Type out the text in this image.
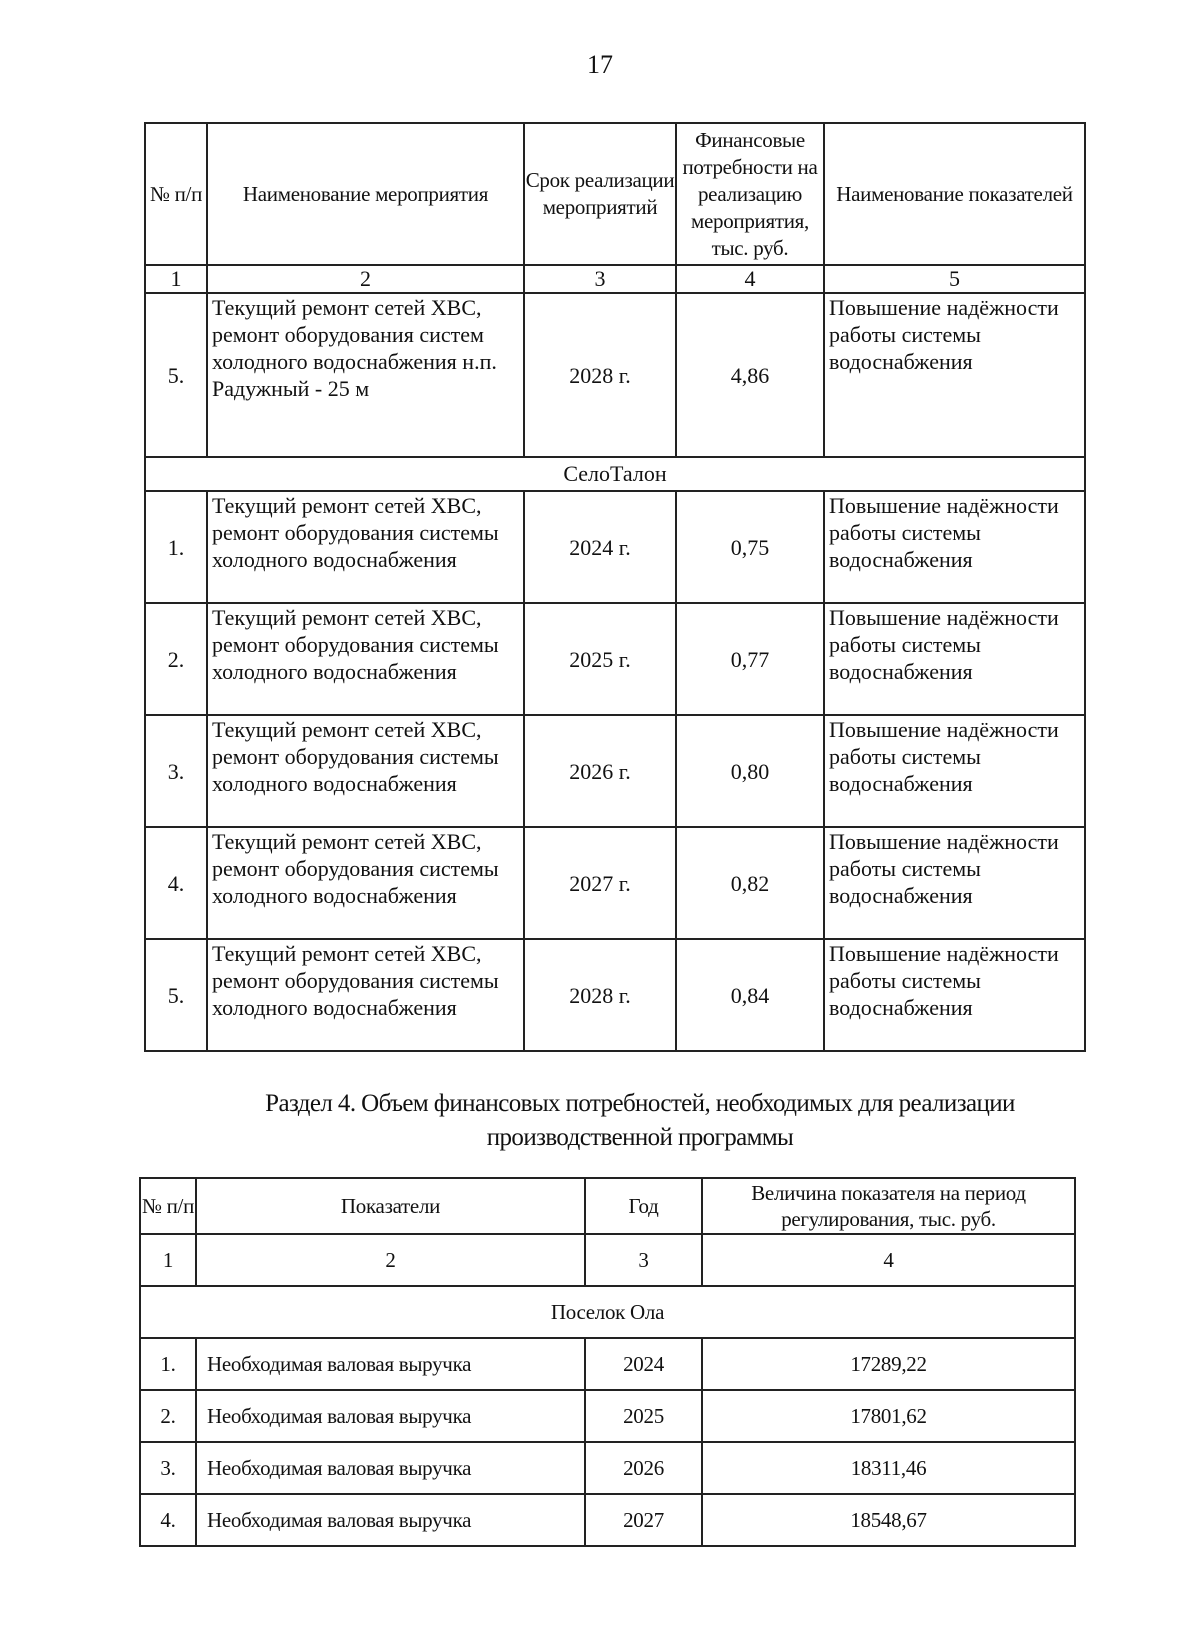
17
№ п/п	Наименование мероприятия	Срок реализации мероприятий	Финансовые потребности на реализацию мероприятия, тыс. руб.	Наименование показателей
1	2	3	4	5
5.	Текущий ремонт сетей ХВС, ремонт оборудования систем холодного водоснабжения н.п. Радужный - 25 м	2028 г.	4,86	Повышение надёжности работы системы водоснабжения
СелоТалон				
1.	Текущий ремонт сетей ХВС, ремонт оборудования системы холодного водоснабжения	2024 г.	0,75	Повышение надёжности работы системы водоснабжения
2.	Текущий ремонт сетей ХВС, ремонт оборудования системы холодного водоснабжения	2025 г.	0,77	Повышение надёжности работы системы водоснабжения
3.	Текущий ремонт сетей ХВС, ремонт оборудования системы холодного водоснабжения	2026 г.	0,80	Повышение надёжности работы системы водоснабжения
4.	Текущий ремонт сетей ХВС, ремонт оборудования системы холодного водоснабжения	2027 г.	0,82	Повышение надёжности работы системы водоснабжения
5.	Текущий ремонт сетей ХВС, ремонт оборудования системы холодного водоснабжения	2028 г.	0,84	Повышение надёжности работы системы водоснабжения
Раздел 4. Объем финансовых потребностей, необходимых для реализации производственной программы
№ п/п	Показатели	Год	Величина показателя на период регулирования, тыс. руб.
1	2	3	4
Поселок Ола			
1.	Необходимая валовая выручка	2024	17289,22
2.	Необходимая валовая выручка	2025	17801,62
3.	Необходимая валовая выручка	2026	18311,46
4.	Необходимая валовая выручка	2027	18548,67
